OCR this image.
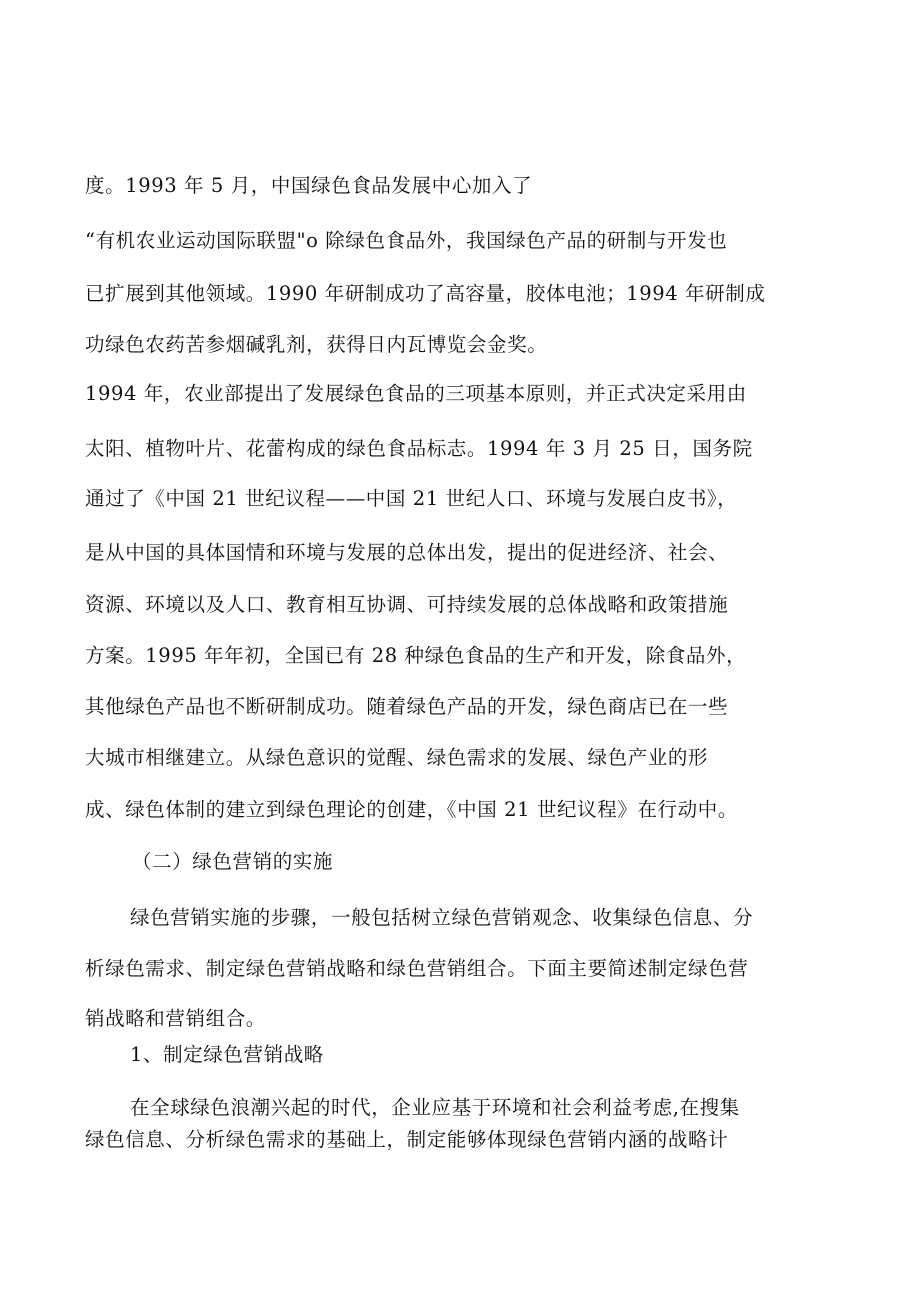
度。1993 年 5 月，中国绿色食品发展中心加入了
“有机农业运动国际联盟"o 除绿色食品外，我国绿色产品的研制与开发也
已扩展到其他领域。1990 年研制成功了高容量，胶体电池；1994 年研制成
功绿色农药苦参烟碱乳剂，获得日内瓦博览会金奖。
1994 年，农业部提出了发展绿色食品的三项基本原则，并正式决定采用由
太阳、植物叶片、花蕾构成的绿色食品标志。1994 年 3 月 25 日，国务院
通过了《中国 21 世纪议程——中国 21 世纪人口、环境与发展白皮书》，
是从中国的具体国情和环境与发展的总体出发，提出的促进经济、社会、
资源、环境以及人口、教育相互协调、可持续发展的总体战略和政策措施
方案。1995 年年初，全国已有 28 种绿色食品的生产和开发，除食品外，
其他绿色产品也不断研制成功。随着绿色产品的开发，绿色商店已在一些
大城市相继建立。从绿色意识的觉醒、绿色需求的发展、绿色产业的形
成、绿色体制的建立到绿色理论的创建，《中国 21 世纪议程》在行动中。
（二）绿色营销的实施
绿色营销实施的步骤，一般包括树立绿色营销观念、收集绿色信息、分
析绿色需求、制定绿色营销战略和绿色营销组合。下面主要简述制定绿色营
销战略和营销组合。
1、制定绿色营销战略
在全球绿色浪潮兴起的时代，企业应基于环境和社会利益考虑,在搜集
绿色信息、分析绿色需求的基础上，制定能够体现绿色营销内涵的战略计
